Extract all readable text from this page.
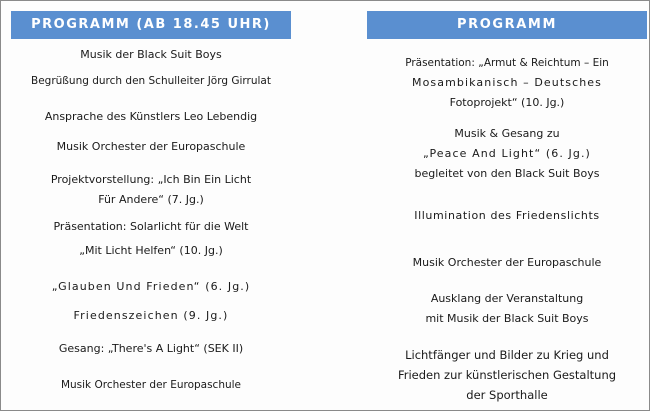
PROGRAMM (AB 18.45 UHR)
Musik der Black Suit Boys
Begrüßung durch den Schulleiter Jörg Girrulat
Ansprache des Künstlers Leo Lebendig
Musik Orchester der Europaschule
Projektvorstellung: „Ich Bin Ein Licht
Für Andere“ (7. Jg.)
Präsentation: Solarlicht für die Welt
„Mit Licht Helfen“ (10. Jg.)
„Glauben Und Frieden“ (6. Jg.)
Friedenszeichen (9. Jg.)
Gesang: „There's A Light“ (SEK II)
Musik Orchester der Europaschule
PROGRAMM
Präsentation: „Armut & Reichtum – Ein
Mosambikanisch – Deutsches
Fotoprojekt“ (10. Jg.)
Musik & Gesang zu
„Peace And Light“ (6. Jg.)
begleitet von den Black Suit Boys
Illumination des Friedenslichts
Musik Orchester der Europaschule
Ausklang der Veranstaltung
mit Musik der Black Suit Boys
Lichtfänger und Bilder zu Krieg und
Frieden zur künstlerischen Gestaltung
der Sporthalle
